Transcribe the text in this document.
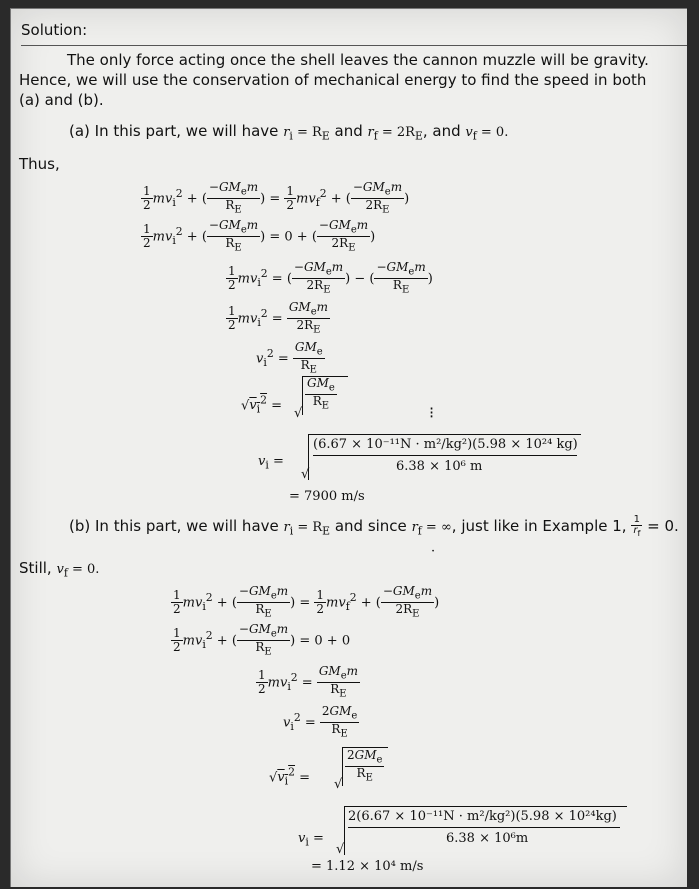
Solution:
The only force acting once the shell leaves the cannon muzzle will be gravity.
Hence, we will use the conservation of mechanical energy to find the speed in both
(a) and (b).
(a) In this part, we will have $r_i = R_E$ and $r_f = 2R_E$, and $v_f = 0$.
Thus,
$\frac{1}{2} mv_i^2$ + ( $\frac{-GM_em}{R_E}$ ) = $\frac{1}{2} mv_f^2$ + ( $\frac{-GM_em}{2R_E}$ )
$\frac{1}{2} mv_i^2$ + ( $\frac{-GM_em}{R_E}$ ) = 0 + ( $\frac{-GM_em}{2R_E}$ )
$\frac{1}{2} mv_i^2$ = ( $\frac{-GM_em}{2R_E}$ ) − ( $\frac{-GM_em}{R_E}$ )
$\frac{1}{2} mv_i^2 = \frac{GM_em}{2R_E}$
$v_i^2 = \frac{GM_e}{R_E}$
$√v_i^2 = \frac{GM_e}{R_E}$
√	⁝
$v_i$ =
(6.67 × 10⁻¹¹N · m²/kg²)(5.98 × 10²⁴ kg)
6.38 × 10⁶ m
√
= 7900 m/s
(b) In this part, we will have $r_i = R_E$ and since $r_f$ = ∞, just like in Example 1, $\frac{1}{r_f} = 0$.
Still, $v_f = 0$.
·
$\frac{1}{2} mv_i^2$ + ( $\frac{-GM_em}{R_E}$ ) = $\frac{1}{2} mv_f^2$ + ( $\frac{-GM_em}{2R_E}$ )
$\frac{1}{2} mv_i^2$ + ( $\frac{-GM_em}{R_E}$ ) = 0 + 0
$\frac{1}{2} mv_i^2 = \frac{GM_em}{R_E}$
$v_i^2 = \frac{2GM_e}{R_E}$
$√v_i^2$ =	$\frac{2GM_e}{R_E}$
√
$v_i$ =
2(6.67 × 10⁻¹¹N · m²/kg²)(5.98 × 10²⁴kg)
6.38 × 10⁶m
√
= 1.12 × 10⁴ m/s
